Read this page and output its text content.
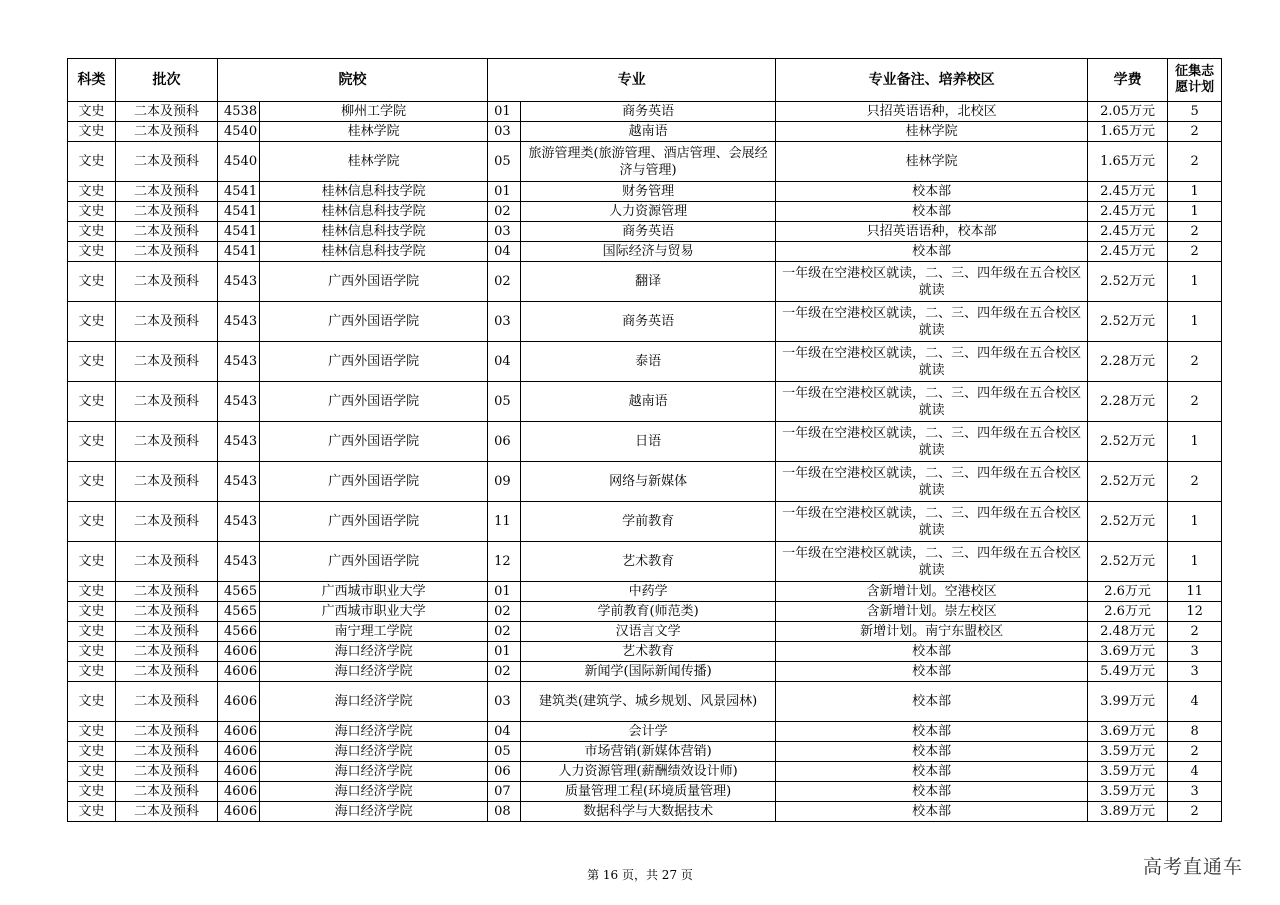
科类	批次	院校		专业		专业备注、培养校区	学费	征集志愿计划
文史	二本及预科	4538	柳州工学院	01	商务英语	只招英语语种，北校区	2.05万元	5
文史	二本及预科	4540	桂林学院	03	越南语	桂林学院	1.65万元	2
文史	二本及预科	4540	桂林学院	05	旅游管理类(旅游管理、酒店管理、会展经济与管理)	桂林学院	1.65万元	2
文史	二本及预科	4541	桂林信息科技学院	01	财务管理	校本部	2.45万元	1
文史	二本及预科	4541	桂林信息科技学院	02	人力资源管理	校本部	2.45万元	1
文史	二本及预科	4541	桂林信息科技学院	03	商务英语	只招英语语种，校本部	2.45万元	2
文史	二本及预科	4541	桂林信息科技学院	04	国际经济与贸易	校本部	2.45万元	2
文史	二本及预科	4543	广西外国语学院	02	翻译	一年级在空港校区就读，二、三、四年级在五合校区就读	2.52万元	1
文史	二本及预科	4543	广西外国语学院	03	商务英语	一年级在空港校区就读，二、三、四年级在五合校区就读	2.52万元	1
文史	二本及预科	4543	广西外国语学院	04	泰语	一年级在空港校区就读，二、三、四年级在五合校区就读	2.28万元	2
文史	二本及预科	4543	广西外国语学院	05	越南语	一年级在空港校区就读，二、三、四年级在五合校区就读	2.28万元	2
文史	二本及预科	4543	广西外国语学院	06	日语	一年级在空港校区就读，二、三、四年级在五合校区就读	2.52万元	1
文史	二本及预科	4543	广西外国语学院	09	网络与新媒体	一年级在空港校区就读，二、三、四年级在五合校区就读	2.52万元	2
文史	二本及预科	4543	广西外国语学院	11	学前教育	一年级在空港校区就读，二、三、四年级在五合校区就读	2.52万元	1
文史	二本及预科	4543	广西外国语学院	12	艺术教育	一年级在空港校区就读，二、三、四年级在五合校区就读	2.52万元	1
文史	二本及预科	4565	广西城市职业大学	01	中药学	含新增计划。空港校区	2.6万元	11
文史	二本及预科	4565	广西城市职业大学	02	学前教育(师范类)	含新增计划。崇左校区	2.6万元	12
文史	二本及预科	4566	南宁理工学院	02	汉语言文学	新增计划。南宁东盟校区	2.48万元	2
文史	二本及预科	4606	海口经济学院	01	艺术教育	校本部	3.69万元	3
文史	二本及预科	4606	海口经济学院	02	新闻学(国际新闻传播)	校本部	5.49万元	3
文史	二本及预科	4606	海口经济学院	03	建筑类(建筑学、城乡规划、风景园林)	校本部	3.99万元	4
文史	二本及预科	4606	海口经济学院	04	会计学	校本部	3.69万元	8
文史	二本及预科	4606	海口经济学院	05	市场营销(新媒体营销)	校本部	3.59万元	2
文史	二本及预科	4606	海口经济学院	06	人力资源管理(薪酬绩效设计师)	校本部	3.59万元	4
文史	二本及预科	4606	海口经济学院	07	质量管理工程(环境质量管理)	校本部	3.59万元	3
文史	二本及预科	4606	海口经济学院	08	数据科学与大数据技术	校本部	3.89万元	2
第 16 页，共 27 页	高考直通车
